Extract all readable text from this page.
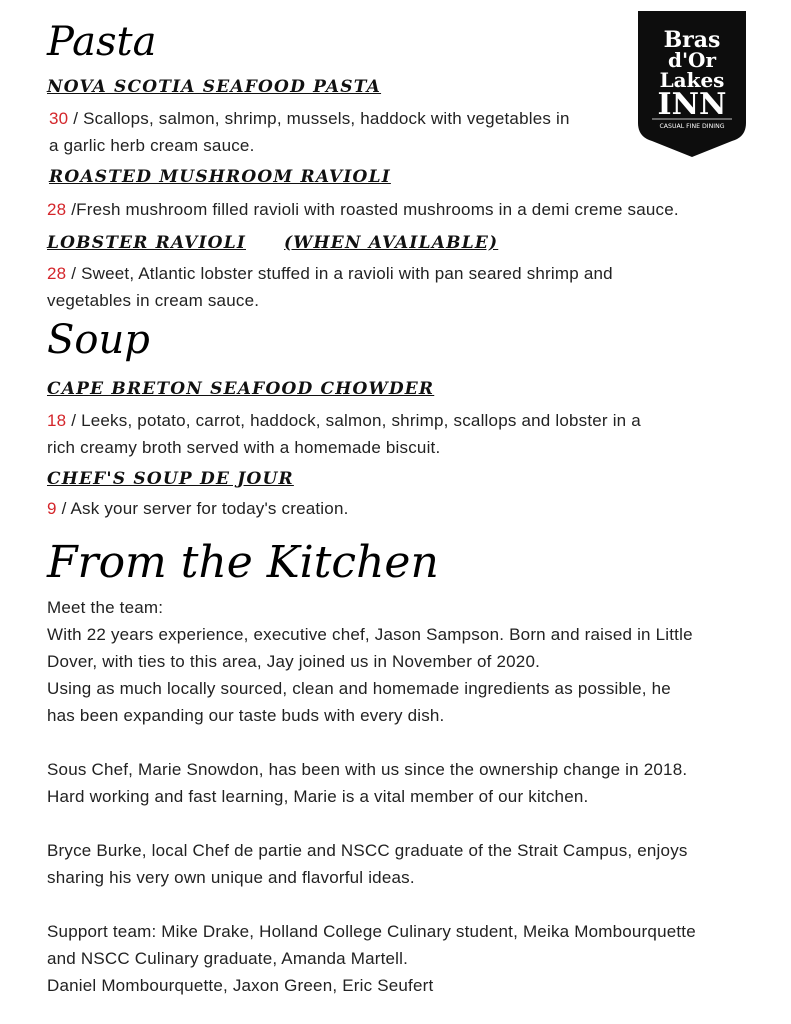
Bras
d'Or
Lakes
INN
CASUAL FINE DINING
Pasta
NOVA SCOTIA SEAFOOD PASTA

30 / Scallops, salmon, shrimp, mussels, haddock with vegetables in
a garlic herb cream sauce.

ROASTED MUSHROOM RAVIOLI

28 /Fresh mushroom filled ravioli with roasted mushrooms in a demi creme sauce.

LOBSTER RAVIOLI (WHEN AVAILABLE)

28 / Sweet, Atlantic lobster stuffed in a ravioli with pan seared shrimp and
vegetables in cream sauce.

Soup
CAPE BRETON SEAFOOD CHOWDER

18 / Leeks, potato, carrot, haddock, salmon, shrimp, scallops and lobster in a
rich creamy broth served with a homemade biscuit.

CHEF'S SOUP DE JOUR

9 / Ask your server for today's creation.

From the Kitchen
Meet the team:
With 22 years experience, executive chef, Jason Sampson. Born and raised in Little
Dover, with ties to this area, Jay joined us in November of 2020.
Using as much locally sourced, clean and homemade ingredients as possible, he
has been expanding our taste buds with every dish.
Sous Chef, Marie Snowdon, has been with us since the ownership change in 2018.
Hard working and fast learning, Marie is a vital member of our kitchen.
Bryce Burke, local Chef de partie and NSCC graduate of the Strait Campus, enjoys
sharing his very own unique and flavorful ideas.
Support team: Mike Drake, Holland College Culinary student, Meika Mombourquette
and NSCC Culinary graduate, Amanda Martell.
Daniel Mombourquette, Jaxon Green, Eric Seufert
